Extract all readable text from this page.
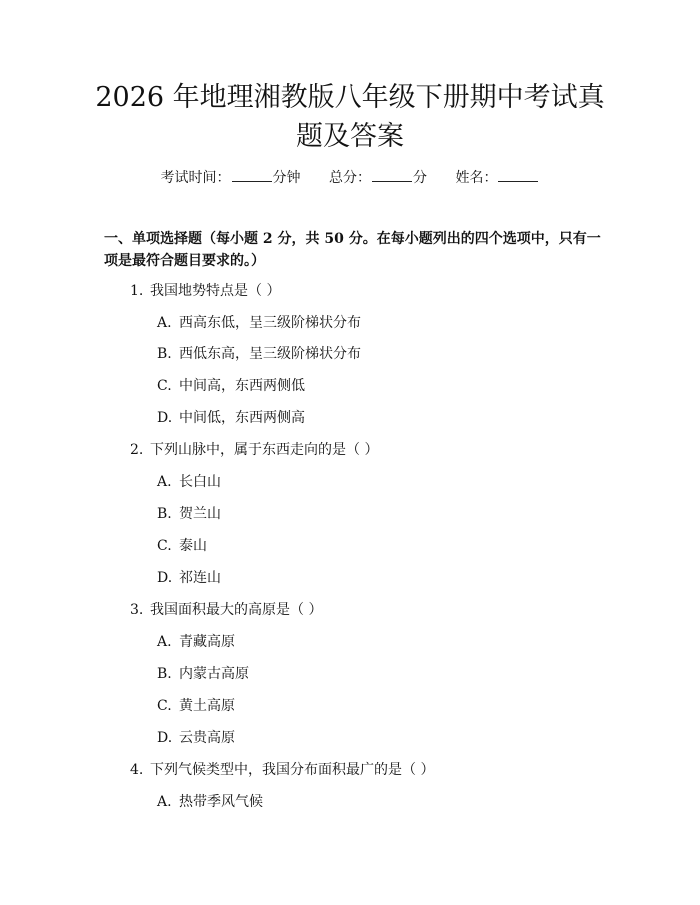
2026 年地理湘教版八年级下册期中考试真题及答案
考试时间：	分钟 总分：	分 姓名：
一、单项选择题（每小题 2 分，共 50 分。在每小题列出的四个选项中，只有一项是最符合题目要求的。）
1. 我国地势特点是（ ）
A. 西高东低，呈三级阶梯状分布
B. 西低东高，呈三级阶梯状分布
C. 中间高，东西两侧低
D. 中间低，东西两侧高
2. 下列山脉中，属于东西走向的是（ ）
A. 长白山
B. 贺兰山
C. 泰山
D. 祁连山
3. 我国面积最大的高原是（ ）
A. 青藏高原
B. 内蒙古高原
C. 黄土高原
D. 云贵高原
4. 下列气候类型中，我国分布面积最广的是（ ）
A. 热带季风气候
